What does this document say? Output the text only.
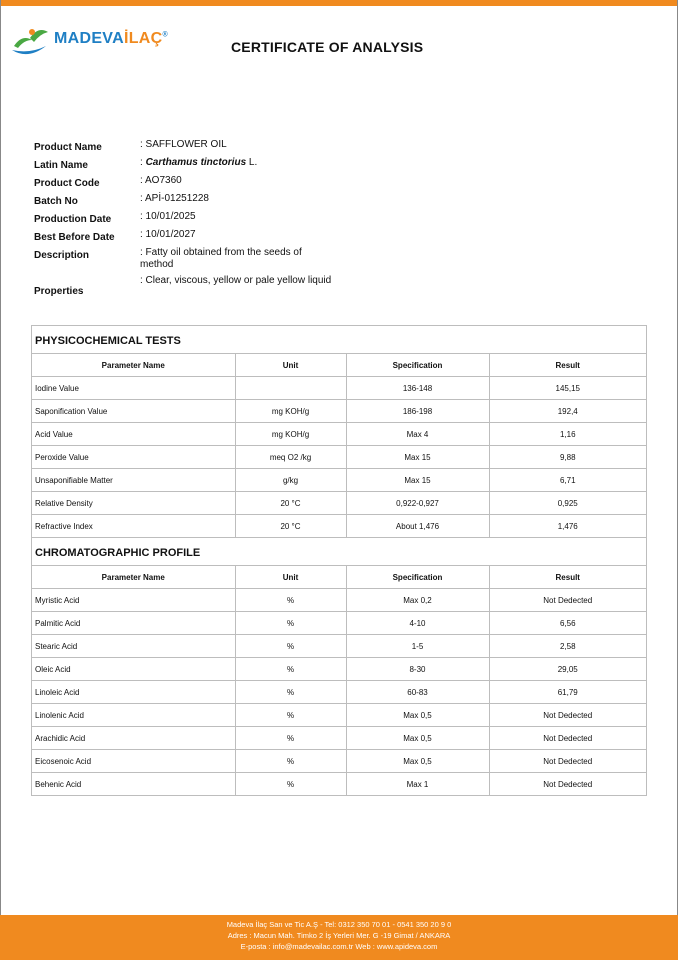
MADEVAİLAÇ®
CERTIFICATE OF ANALYSIS
Product Name	: SAFFLOWER OIL
Latin Name	: Carthamus tinctorius L.
Product Code	: AO7360
Batch No	: APİ-01251228
Production Date	: 10/01/2025
Best Before Date	: 10/01/2027
Description	: Fatty oil obtained from the seeds of method
Properties
: Clear, viscous, yellow or pale yellow liquid
PHYSICOCHEMICAL TESTS
Parameter Name	Unit	Specification	Result
Iodine Value		136-148	145,15
Saponification Value	mg KOH/g	186-198	192,4
Acid Value	mg KOH/g	Max 4	1,16
Peroxide Value	meq O2 /kg	Max 15	9,88
Unsaponifiable Matter	g/kg	Max 15	6,71
Relative Density	20 °C	0,922-0,927	0,925
Refractive Index	20 °C	About 1,476	1,476
CHROMATOGRAPHIC PROFILE
Parameter Name	Unit	Specification	Result
Myristic Acid	%	Max 0,2	Not Dedected
Palmitic Acid	%	4-10	6,56
Stearic Acid	%	1-5	2,58
Oleic Acid	%	8-30	29,05
Linoleic Acid	%	60-83	61,79
Linolenic Acid	%	Max 0,5	Not Dedected
Arachidic Acid	%	Max 0,5	Not Dedected
Eicosenoic Acid	%	Max 0,5	Not Dedected
Behenic Acid	%	Max 1	Not Dedected
Madeva İlaç San ve Tic A.Ş - Tel: 0312 350 70 01 - 0541 350 20 9 0
Adres : Macun Mah. Timko 2 İş Yerleri Mer. G -19 Gimat / ANKARA
E-posta : info@madevailac.com.tr Web : www.apideva.com
